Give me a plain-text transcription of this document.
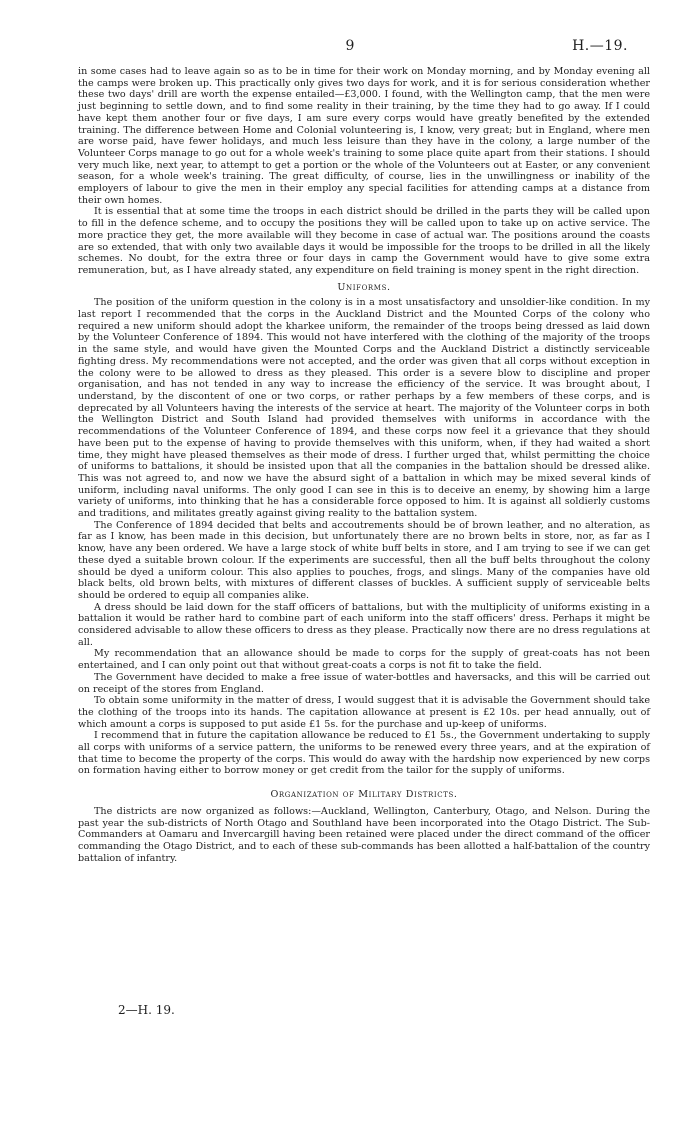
9	H.—19.

in some cases had to leave again so as to be in time for their work on Monday morning, and by Monday evening all the camps were broken up. This practically only gives two days for work, and it is for serious consideration whether these two days' drill are worth the expense entailed—£3,000. I found, with the Wellington camp, that the men were just beginning to settle down, and to find some reality in their training, by the time they had to go away. If I could have kept them another four or five days, I am sure every corps would have greatly benefited by the extended training. The difference between Home and Colonial volunteering is, I know, very great; but in England, where men are worse paid, have fewer holidays, and much less leisure than they have in the colony, a large number of the Volunteer Corps manage to go out for a whole week's training to some place quite apart from their stations. I should very much like, next year, to attempt to get a portion or the whole of the Volunteers out at Easter, or any convenient season, for a whole week's training. The great difficulty, of course, lies in the unwillingness or inability of the employers of labour to give the men in their employ any special facilities for attending camps at a distance from their own homes.

It is essential that at some time the troops in each district should be drilled in the parts they will be called upon to fill in the defence scheme, and to occupy the positions they will be called upon to take up on active service. The more practice they get, the more available will they become in case of actual war. The positions around the coasts are so extended, that with only two available days it would be impossible for the troops to be drilled in all the likely schemes. No doubt, for the extra three or four days in camp the Government would have to give some extra remuneration, but, as I have already stated, any expenditure on field training is money spent in the right direction.

Uniforms.

The position of the uniform question in the colony is in a most unsatisfactory and unsoldier-like condition. In my last report I recommended that the corps in the Auckland District and the Mounted Corps of the colony who required a new uniform should adopt the kharkee uniform, the remainder of the troops being dressed as laid down by the Volunteer Conference of 1894. This would not have interfered with the clothing of the majority of the troops in the same style, and would have given the Mounted Corps and the Auckland District a distinctly serviceable fighting dress. My recommendations were not accepted, and the order was given that all corps without exception in the colony were to be allowed to dress as they pleased. This order is a severe blow to discipline and proper organisation, and has not tended in any way to increase the efficiency of the service. It was brought about, I understand, by the discontent of one or two corps, or rather perhaps by a few members of these corps, and is deprecated by all Volunteers having the interests of the service at heart. The majority of the Volunteer corps in both the Wellington District and South Island had provided themselves with uniforms in accordance with the recommendations of the Volunteer Conference of 1894, and these corps now feel it a grievance that they should have been put to the expense of having to provide themselves with this uniform, when, if they had waited a short time, they might have pleased themselves as their mode of dress. I further urged that, whilst permitting the choice of uniforms to battalions, it should be insisted upon that all the companies in the battalion should be dressed alike. This was not agreed to, and now we have the absurd sight of a battalion in which may be mixed several kinds of uniform, including naval uniforms. The only good I can see in this is to deceive an enemy, by showing him a large variety of uniforms, into thinking that he has a considerable force opposed to him. It is against all soldierly customs and traditions, and militates greatly against giving reality to the battalion system.

The Conference of 1894 decided that belts and accoutrements should be of brown leather, and no alteration, as far as I know, has been made in this decision, but unfortunately there are no brown belts in store, nor, as far as I know, have any been ordered. We have a large stock of white buff belts in store, and I am trying to see if we can get these dyed a suitable brown colour. If the experiments are successful, then all the buff belts throughout the colony should be dyed a uniform colour. This also applies to pouches, frogs, and slings. Many of the companies have old black belts, old brown belts, with mixtures of different classes of buckles. A sufficient supply of serviceable belts should be ordered to equip all companies alike.

A dress should be laid down for the staff officers of battalions, but with the multiplicity of uniforms existing in a battalion it would be rather hard to combine part of each uniform into the staff officers' dress. Perhaps it might be considered advisable to allow these officers to dress as they please. Practically now there are no dress regulations at all.

My recommendation that an allowance should be made to corps for the supply of great-coats has not been entertained, and I can only point out that without great-coats a corps is not fit to take the field.

The Government have decided to make a free issue of water-bottles and haversacks, and this will be carried out on receipt of the stores from England.

To obtain some uniformity in the matter of dress, I would suggest that it is advisable the Government should take the clothing of the troops into its hands. The capitation allowance at present is £2 10s. per head annually, out of which amount a corps is supposed to put aside £1 5s. for the purchase and up-keep of uniforms.

I recommend that in future the capitation allowance be reduced to £1 5s., the Government undertaking to supply all corps with uniforms of a service pattern, the uniforms to be renewed every three years, and at the expiration of that time to become the property of the corps. This would do away with the hardship now experienced by new corps on formation having either to borrow money or get credit from the tailor for the supply of uniforms.

Organization of Military Districts.

The districts are now organized as follows:—Auckland, Wellington, Canterbury, Otago, and Nelson. During the past year the sub-districts of North Otago and Southland have been incorporated into the Otago District. The Sub-Commanders at Oamaru and Invercargill having been retained were placed under the direct command of the officer commanding the Otago District, and to each of these sub-commands has been allotted a half-battalion of the country battalion of infantry.

2—H. 19.
